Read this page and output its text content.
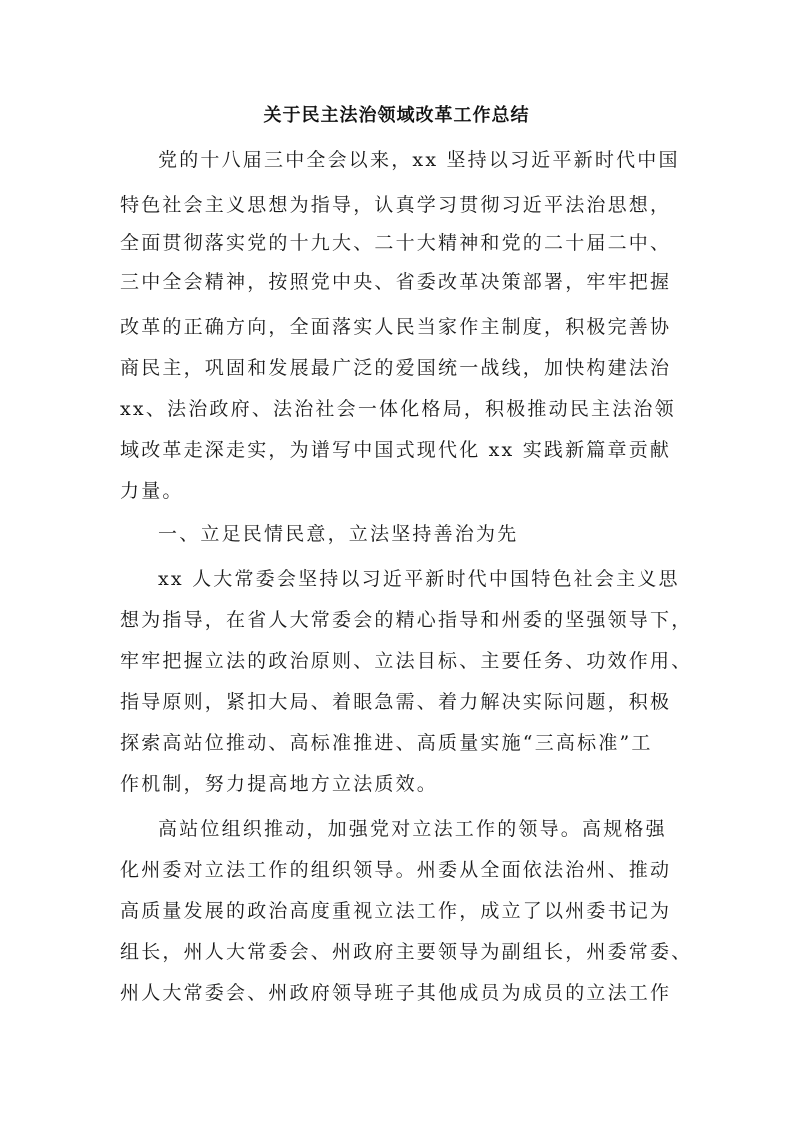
关于民主法治领域改革工作总结
党的十八届三中全会以来，xx 坚持以习近平新时代中国
特色社会主义思想为指导，认真学习贯彻习近平法治思想，
全面贯彻落实党的十九大、二十大精神和党的二十届二中、
三中全会精神，按照党中央、省委改革决策部署，牢牢把握
改革的正确方向，全面落实人民当家作主制度，积极完善协
商民主，巩固和发展最广泛的爱国统一战线，加快构建法治
xx、法治政府、法治社会一体化格局，积极推动民主法治领
域改革走深走实，为谱写中国式现代化 xx 实践新篇章贡献
力量。
一、立足民情民意，立法坚持善治为先
xx 人大常委会坚持以习近平新时代中国特色社会主义思
想为指导，在省人大常委会的精心指导和州委的坚强领导下，
牢牢把握立法的政治原则、立法目标、主要任务、功效作用、
指导原则，紧扣大局、着眼急需、着力解决实际问题，积极
探索高站位推动、高标准推进、高质量实施“三高标准”工
作机制，努力提高地方立法质效。
高站位组织推动，加强党对立法工作的领导。高规格强
化州委对立法工作的组织领导。州委从全面依法治州、推动
高质量发展的政治高度重视立法工作，成立了以州委书记为
组长，州人大常委会、州政府主要领导为副组长，州委常委、
州人大常委会、州政府领导班子其他成员为成员的立法工作
